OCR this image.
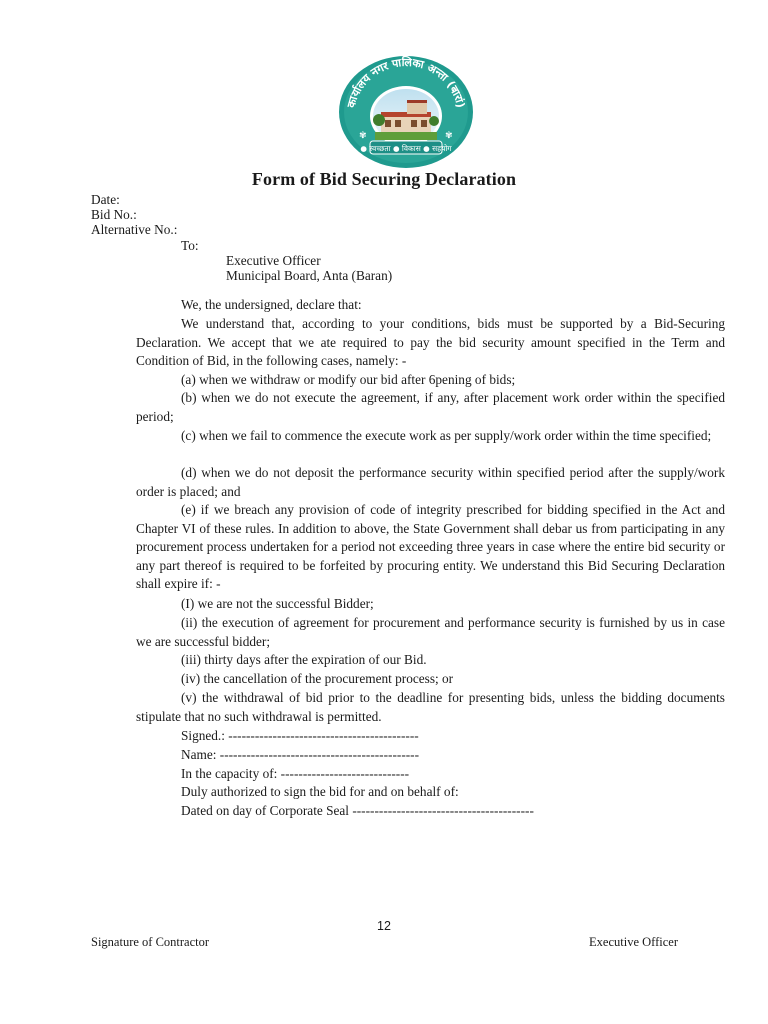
कार्यालय नगर पालिका अन्ता (बारां)
● स्वच्छता ● विकास ● सहयोग
✾	✾
Form of Bid Securing Declaration
Date:
Bid No.:
Alternative No.:
To:
Executive Officer
Municipal Board, Anta (Baran)
We, the undersigned, declare that:
We understand that, according to your conditions, bids must be supported by a Bid-Securing Declaration. We accept that we ate required to pay the bid security amount specified in the Term and Condition of Bid, in the following cases, namely: -
(a) when we withdraw or modify our bid after 6pening of bids;
(b) when we do not execute the agreement, if any, after placement work order within the specified period;
(c) when we fail to commence the execute work as per supply/work order within the time specified;
(d) when we do not deposit the performance security within specified period after the supply/work order is placed; and
(e) if we breach any provision of code of integrity prescribed for bidding specified in the Act and Chapter VI of these rules. In addition to above, the State Government shall debar us from participating in any procurement process undertaken for a period not exceeding three years in case where the entire bid security or any part thereof is required to be forfeited by procuring entity. We understand this Bid Securing Declaration shall expire if: -
(I) we are not the successful Bidder;
(ii) the execution of agreement for procurement and performance security is furnished by us in case we are successful bidder;
(iii) thirty days after the expiration of our Bid.
(iv) the cancellation of the procurement process; or
(v) the withdrawal of bid prior to the deadline for presenting bids, unless the bidding documents stipulate that no such withdrawal is permitted.
Signed.: -------------------------------------------
Name: ---------------------------------------------
In the capacity of: -----------------------------
Duly authorized to sign the bid for and on behalf of:
Dated on day of Corporate Seal -----------------------------------------
12
Signature of Contractor	Executive Officer
